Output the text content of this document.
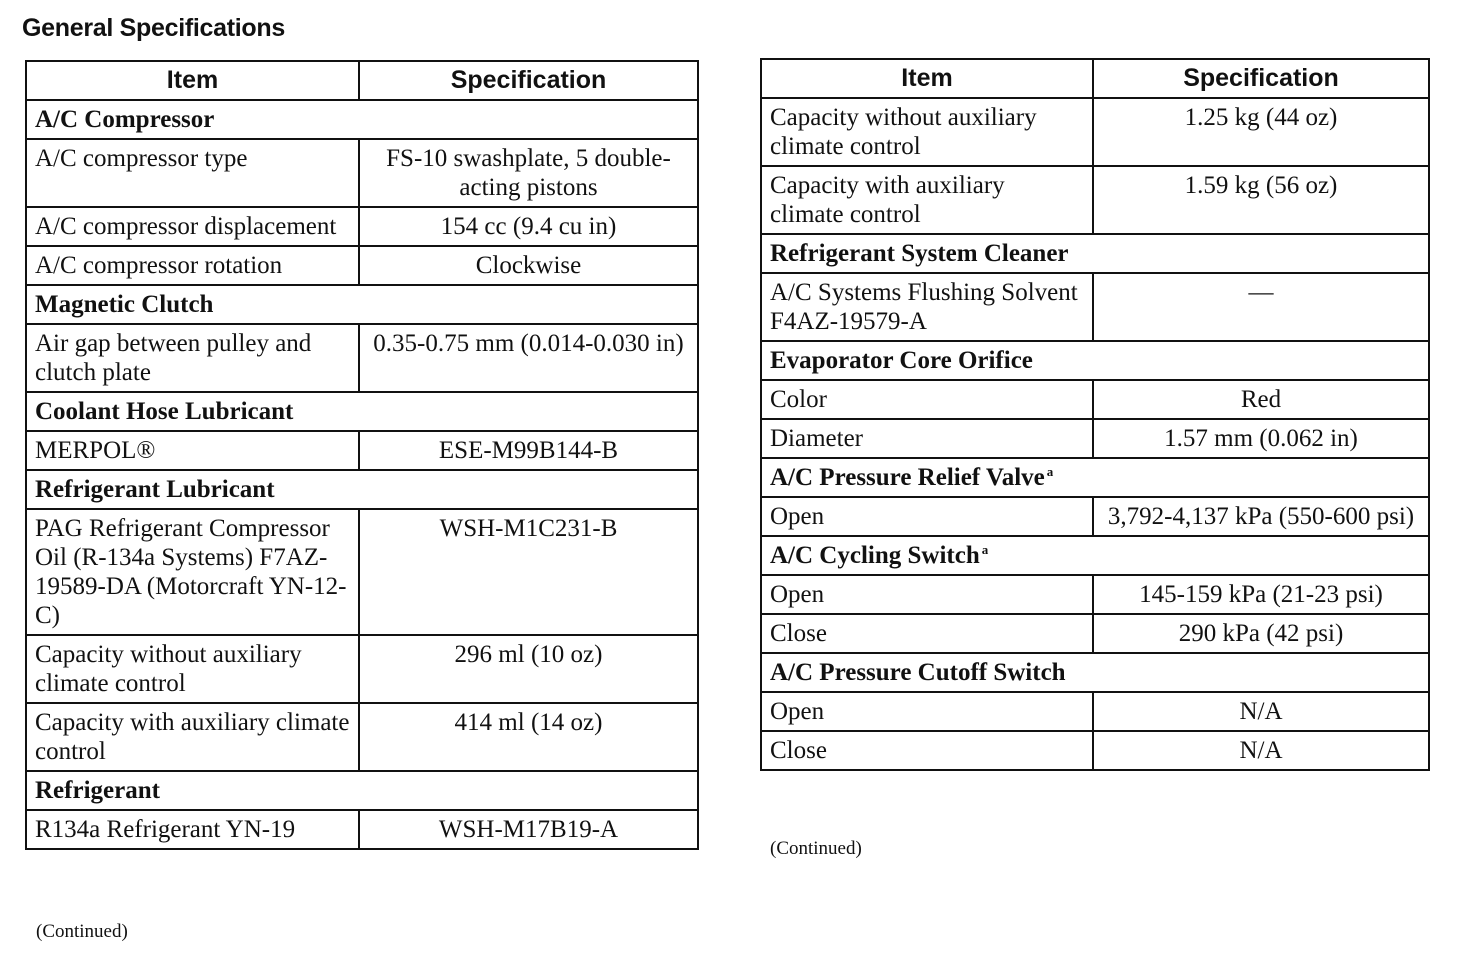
General Specifications
Item	Specification
A/C Compressor	
A/C compressor type	FS-10 swashplate, 5 double-acting pistons
A/C compressor displacement	154 cc (9.4 cu in)
A/C compressor rotation	Clockwise
Magnetic Clutch	
Air gap between pulley and clutch plate	0.35-0.75 mm (0.014-0.030 in)
Coolant Hose Lubricant	
MERPOL®	ESE-M99B144-B
Refrigerant Lubricant	
PAG Refrigerant Compressor Oil (R-134a Systems) F7AZ-19589-DA (Motorcraft YN-12-C)	WSH-M1C231-B
Capacity without auxiliary climate control	296 ml (10 oz)
Capacity with auxiliary climate control	414 ml (14 oz)
Refrigerant	
R134a Refrigerant YN-19	WSH-M17B19-A
(Continued)
Item	Specification
Capacity without auxiliary climate control	1.25 kg (44 oz)
Capacity with auxiliary climate control	1.59 kg (56 oz)
Refrigerant System Cleaner	
A/C Systems Flushing Solvent F4AZ-19579-A	—
Evaporator Core Orifice	
Color	Red
Diameter	1.57 mm (0.062 in)
A/C Pressure Relief Valve $^a$
Open	3,792-4,137 kPa (550-600 psi)
A/C Cycling Switch $^a$
Open	145-159 kPa (21-23 psi)
Close	290 kPa (42 psi)
A/C Pressure Cutoff Switch	
Open	N/A
Close	N/A
(Continued)
